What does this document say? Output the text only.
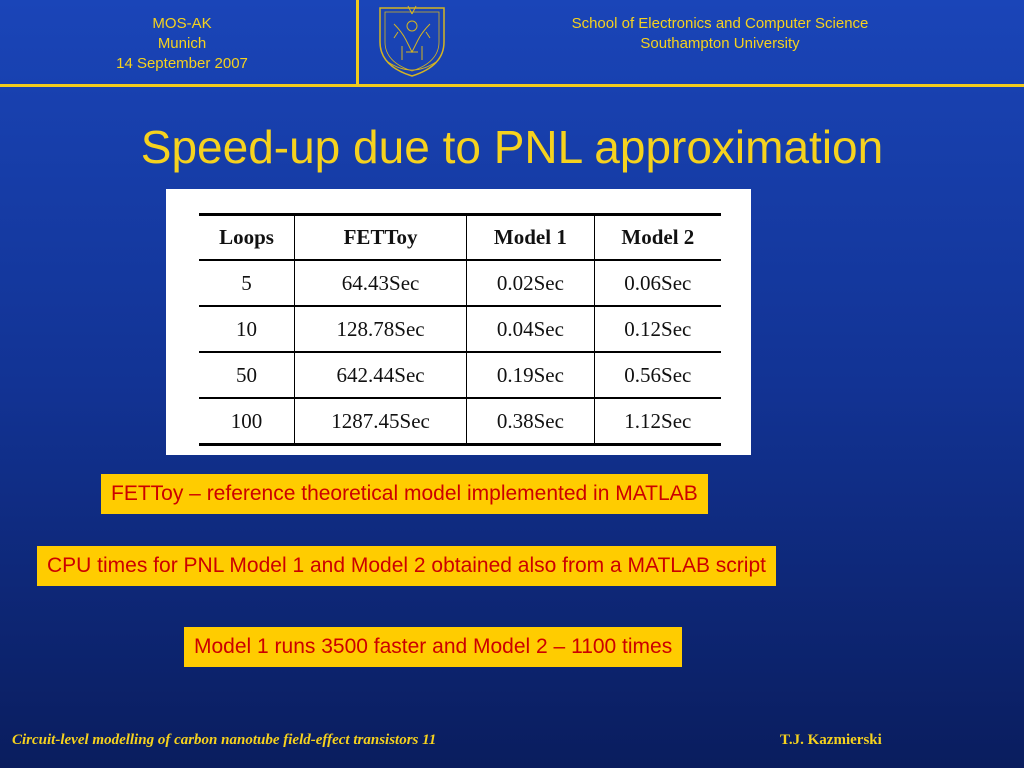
MOS-AK
Munich
14 September 2007
School of Electronics and Computer Science
Southampton University
Speed-up due to PNL approximation
Loops	FETToy	Model 1	Model 2
5	64.43Sec	0.02Sec	0.06Sec
10	128.78Sec	0.04Sec	0.12Sec
50	642.44Sec	0.19Sec	0.56Sec
100	1287.45Sec	0.38Sec	1.12Sec
FETToy – reference theoretical model implemented in MATLAB
CPU times for PNL Model 1 and Model 2 obtained also from a MATLAB script
Model 1 runs 3500 faster and Model 2 – 1100 times
Circuit-level modelling of carbon nanotube field-effect transistors 11	T.J. Kazmierski
